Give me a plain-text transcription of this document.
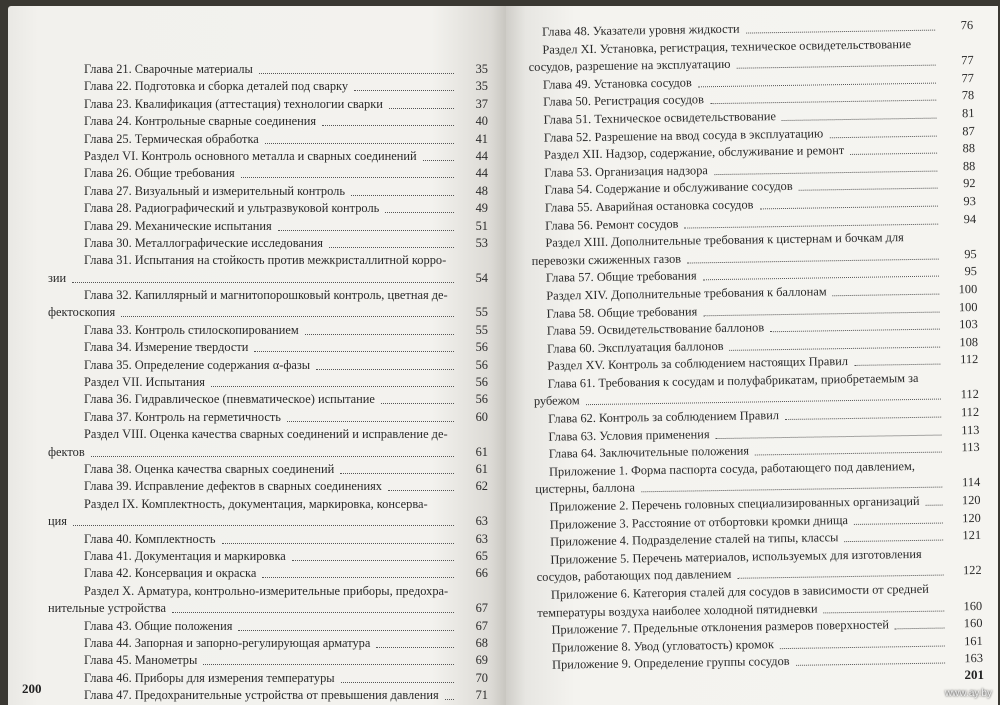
Глава 21. Сварочные материалы	35
Глава 22. Подготовка и сборка деталей под сварку	35
Глава 23. Квалификация (аттестация) технологии сварки	37
Глава 24. Контрольные сварные соединения	40
Глава 25. Термическая обработка	41
Раздел VI. Контроль основного металла и сварных соединений	44
Глава 26. Общие требования	44
Глава 27. Визуальный и измерительный контроль	48
Глава 28. Радиографический и ультразвуковой контроль	49
Глава 29. Механические испытания	51
Глава 30. Металлографические исследования	53
Глава 31. Испытания на стойкость против межкристаллитной корро-
зии	54
Глава 32. Капиллярный и магнитопорошковый контроль, цветная де-
фектоскопия	55
Глава 33. Контроль стилоскопированием	55
Глава 34. Измерение твердости	56
Глава 35. Определение содержания α-фазы	56
Раздел VII. Испытания	56
Глава 36. Гидравлическое (пневматическое) испытание	56
Глава 37. Контроль на герметичность	60
Раздел VIII. Оценка качества сварных соединений и исправление де-
фектов	61
Глава 38. Оценка качества сварных соединений	61
Глава 39. Исправление дефектов в сварных соединениях	62
Раздел IX. Комплектность, документация, маркировка, консерва-
ция	63
Глава 40. Комплектность	63
Глава 41. Документация и маркировка	65
Глава 42. Консервация и окраска	66
Раздел X. Арматура, контрольно-измерительные приборы, предохра-
нительные устройства	67
Глава 43. Общие положения	67
Глава 44. Запорная и запорно-регулирующая арматура	68
Глава 45. Манометры	69
Глава 46. Приборы для измерения температуры	70
Глава 47. Предохранительные устройства от превышения давления	71
200
Глава 48. Указатели уровня жидкости	76
Раздел XI. Установка, регистрация, техническое освидетельствование
сосудов, разрешение на эксплуатацию	77
Глава 49. Установка сосудов	77
Глава 50. Регистрация сосудов	78
Глава 51. Техническое освидетельствование	81
Глава 52. Разрешение на ввод сосуда в эксплуатацию	87
Раздел XII. Надзор, содержание, обслуживание и ремонт	88
Глава 53. Организация надзора	88
Глава 54. Содержание и обслуживание сосудов	92
Глава 55. Аварийная остановка сосудов	93
Глава 56. Ремонт сосудов	94
Раздел XIII. Дополнительные требования к цистернам и бочкам для
перевозки сжиженных газов	95
Глава 57. Общие требования	95
Раздел XIV. Дополнительные требования к баллонам	100
Глава 58. Общие требования	100
Глава 59. Освидетельствование баллонов	103
Глава 60. Эксплуатация баллонов	108
Раздел XV. Контроль за соблюдением настоящих Правил	112
Глава 61. Требования к сосудам и полуфабрикатам, приобретаемым за
рубежом	112
Глава 62. Контроль за соблюдением Правил	112
Глава 63. Условия применения	113
Глава 64. Заключительные положения	113
Приложение 1. Форма паспорта сосуда, работающего под давлением,
цистерны, баллона	114
Приложение 2. Перечень головных специализированных организаций	120
Приложение 3. Расстояние от отбортовки кромки днища	120
Приложение 4. Подразделение сталей на типы, классы	121
Приложение 5. Перечень материалов, используемых для изготовления
сосудов, работающих под давлением	122
Приложение 6. Категория сталей для сосудов в зависимости от средней
температуры воздуха наиболее холодной пятидневки	160
Приложение 7. Предельные отклонения размеров поверхностей	160
Приложение 8. Увод (угловатость) кромок	161
Приложение 9. Определение группы сосудов	163
201
www.ay.by
